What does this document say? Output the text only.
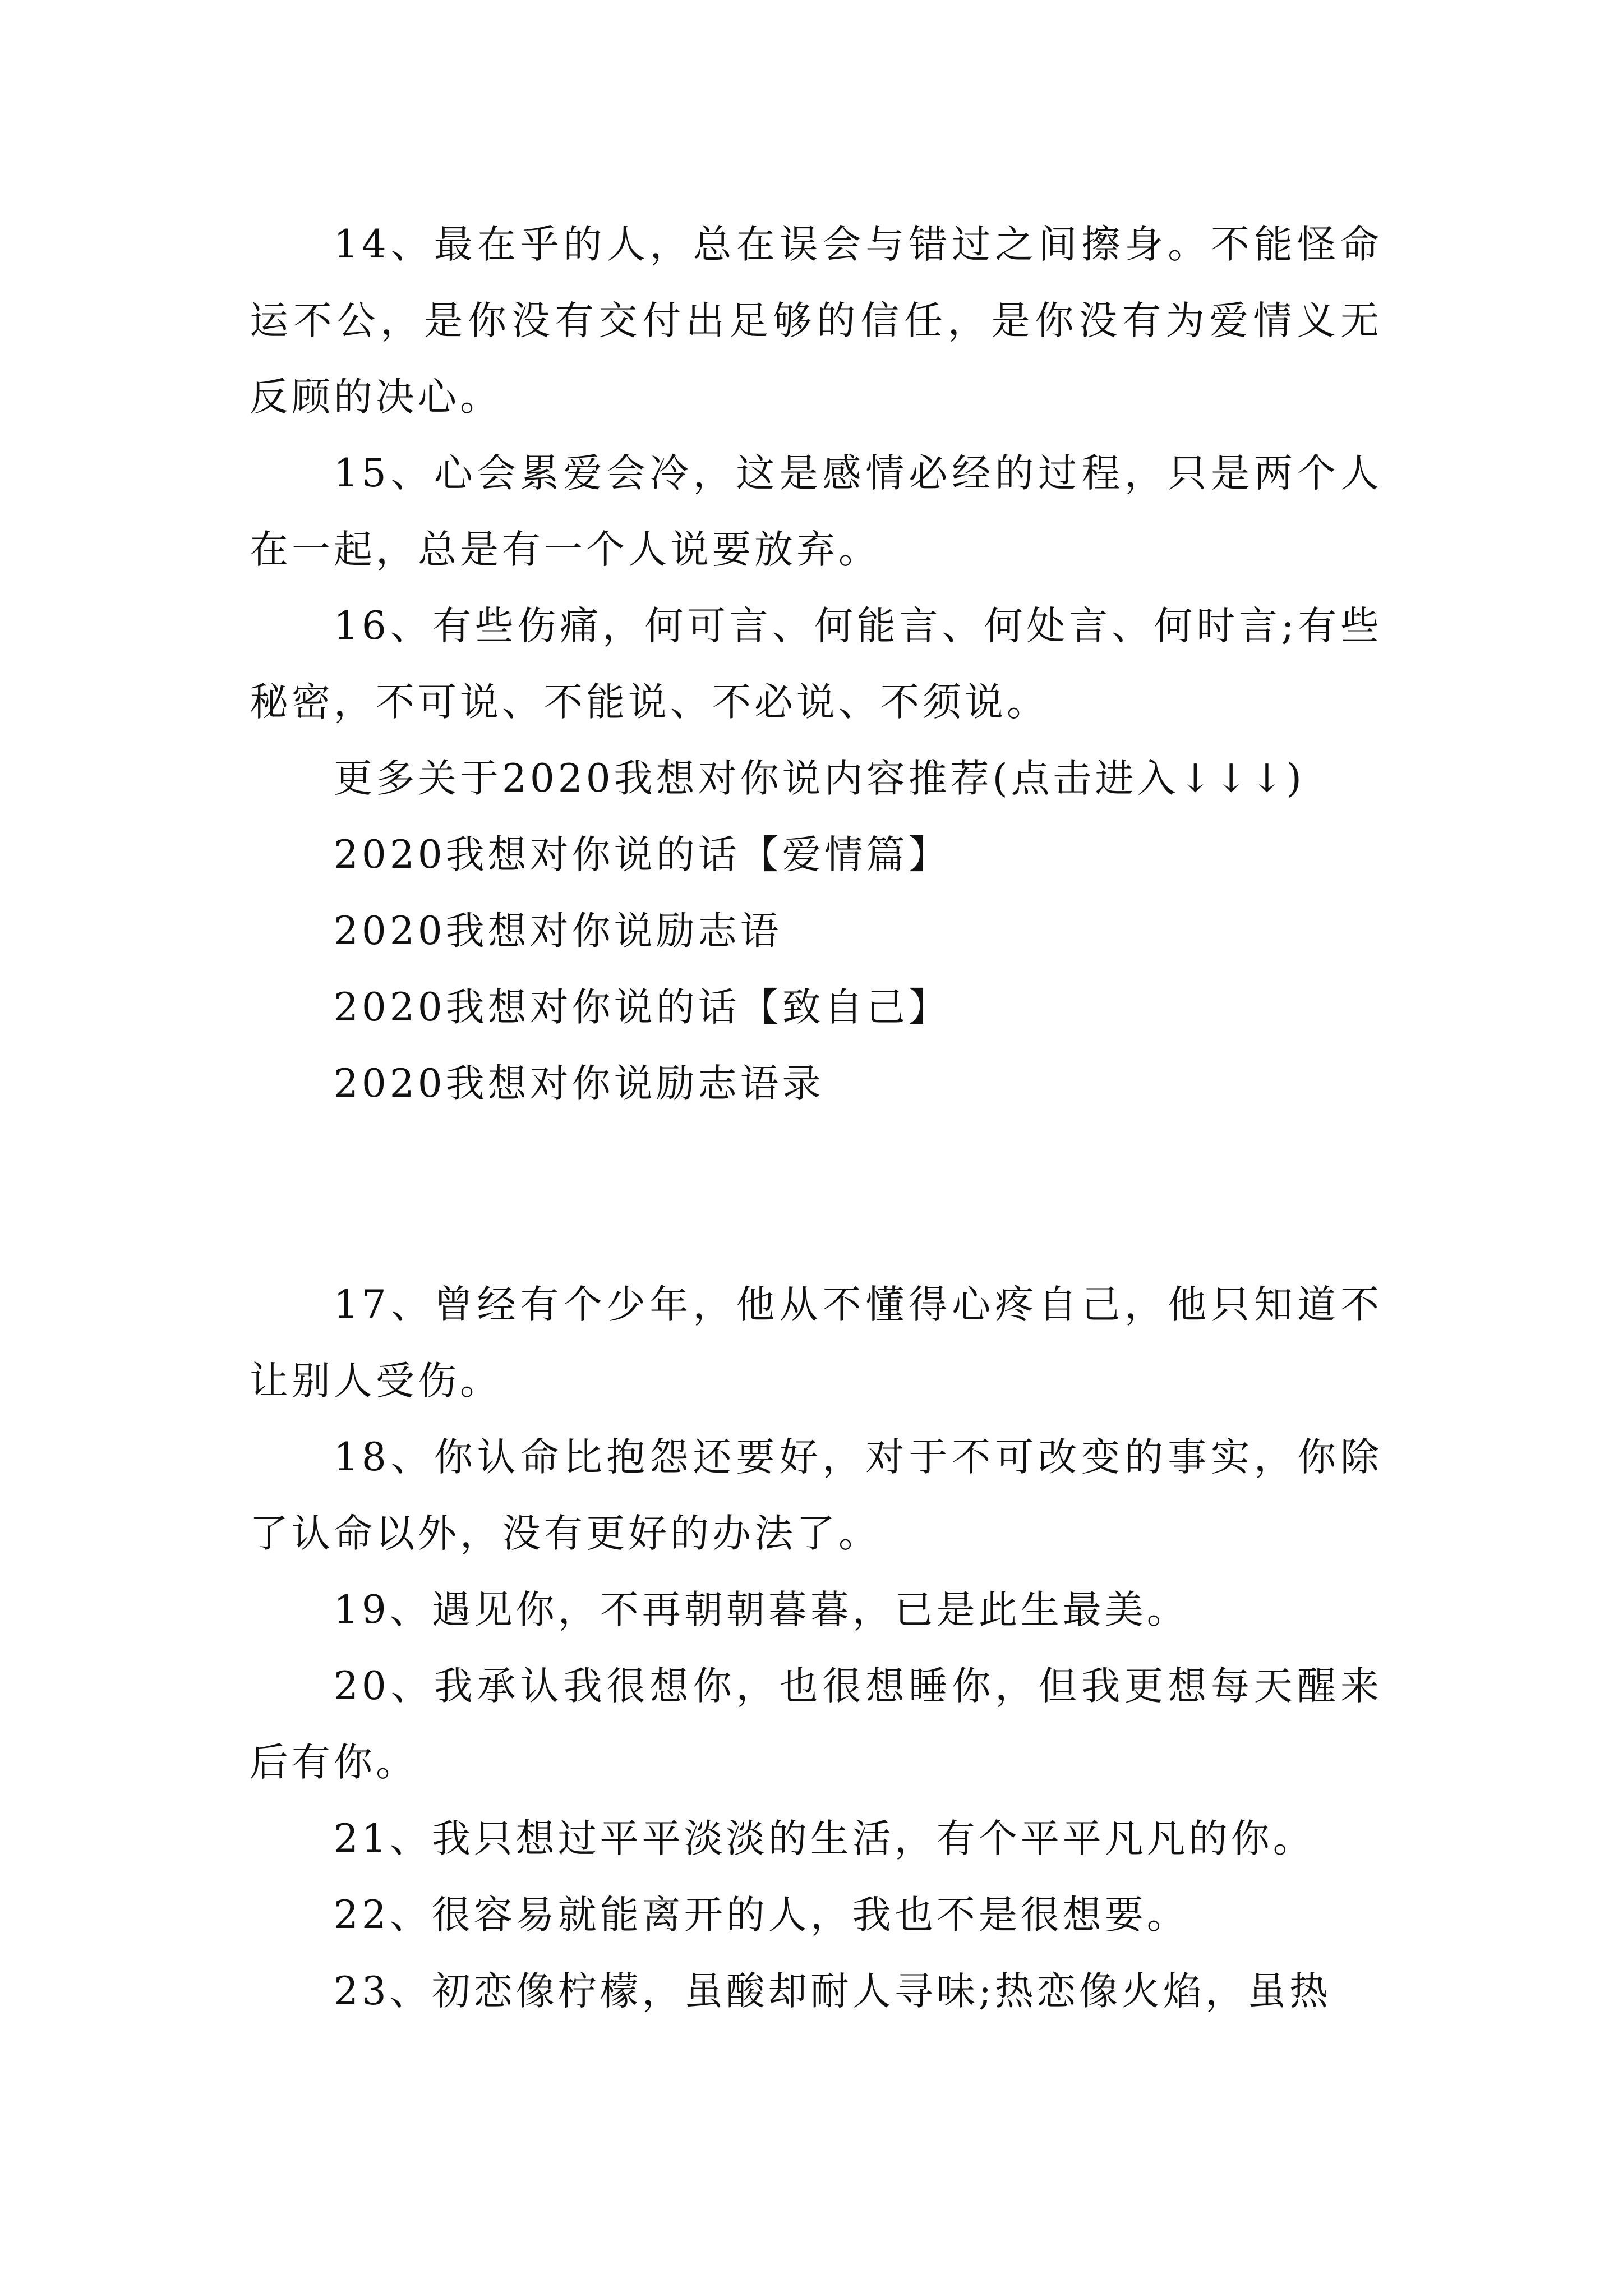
14、最在乎的人，总在误会与错过之间擦身。不能怪命运不公，是你没有交付出足够的信任，是你没有为爱情义无反顾的决心。

15、心会累爱会冷，这是感情必经的过程，只是两个人在一起，总是有一个人说要放弃。

16、有些伤痛，何可言、何能言、何处言、何时言;有些秘密，不可说、不能说、不必说、不须说。

更多关于2020我想对你说内容推荐(点击进入↓↓↓)

2020我想对你说的话【爱情篇】

2020我想对你说励志语

2020我想对你说的话【致自己】

2020我想对你说励志语录

17、曾经有个少年，他从不懂得心疼自己，他只知道不让别人受伤。

18、你认命比抱怨还要好，对于不可改变的事实，你除了认命以外，没有更好的办法了。

19、遇见你，不再朝朝暮暮，已是此生最美。

20、我承认我很想你，也很想睡你，但我更想每天醒来后有你。

21、我只想过平平淡淡的生活，有个平平凡凡的你。

22、很容易就能离开的人，我也不是很想要。

23、初恋像柠檬，虽酸却耐人寻味;热恋像火焰，虽热
